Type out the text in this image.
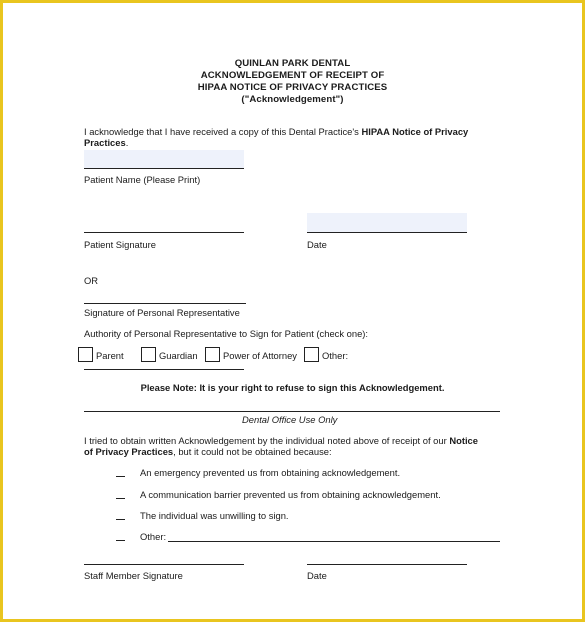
QUINLAN PARK DENTAL
ACKNOWLEDGEMENT OF RECEIPT OF
HIPAA NOTICE OF PRIVACY PRACTICES
("Acknowledgement")
I acknowledge that I have received a copy of this Dental Practice's HIPAA Notice of Privacy
Practices.
Patient Name (Please Print)
Patient Signature	Date
OR
Signature of Personal Representative
Authority of Personal Representative to Sign for Patient (check one):
Parent	Guardian	Power of Attorney	Other:
Please Note: It is your right to refuse to sign this Acknowledgement.
Dental Office Use Only
I tried to obtain written Acknowledgement by the individual noted above of receipt of our Notice
of Privacy Practices, but it could not be obtained because:
An emergency prevented us from obtaining acknowledgement.
A communication barrier prevented us from obtaining acknowledgement.
The individual was unwilling to sign.
Other:
Staff Member Signature	Date
